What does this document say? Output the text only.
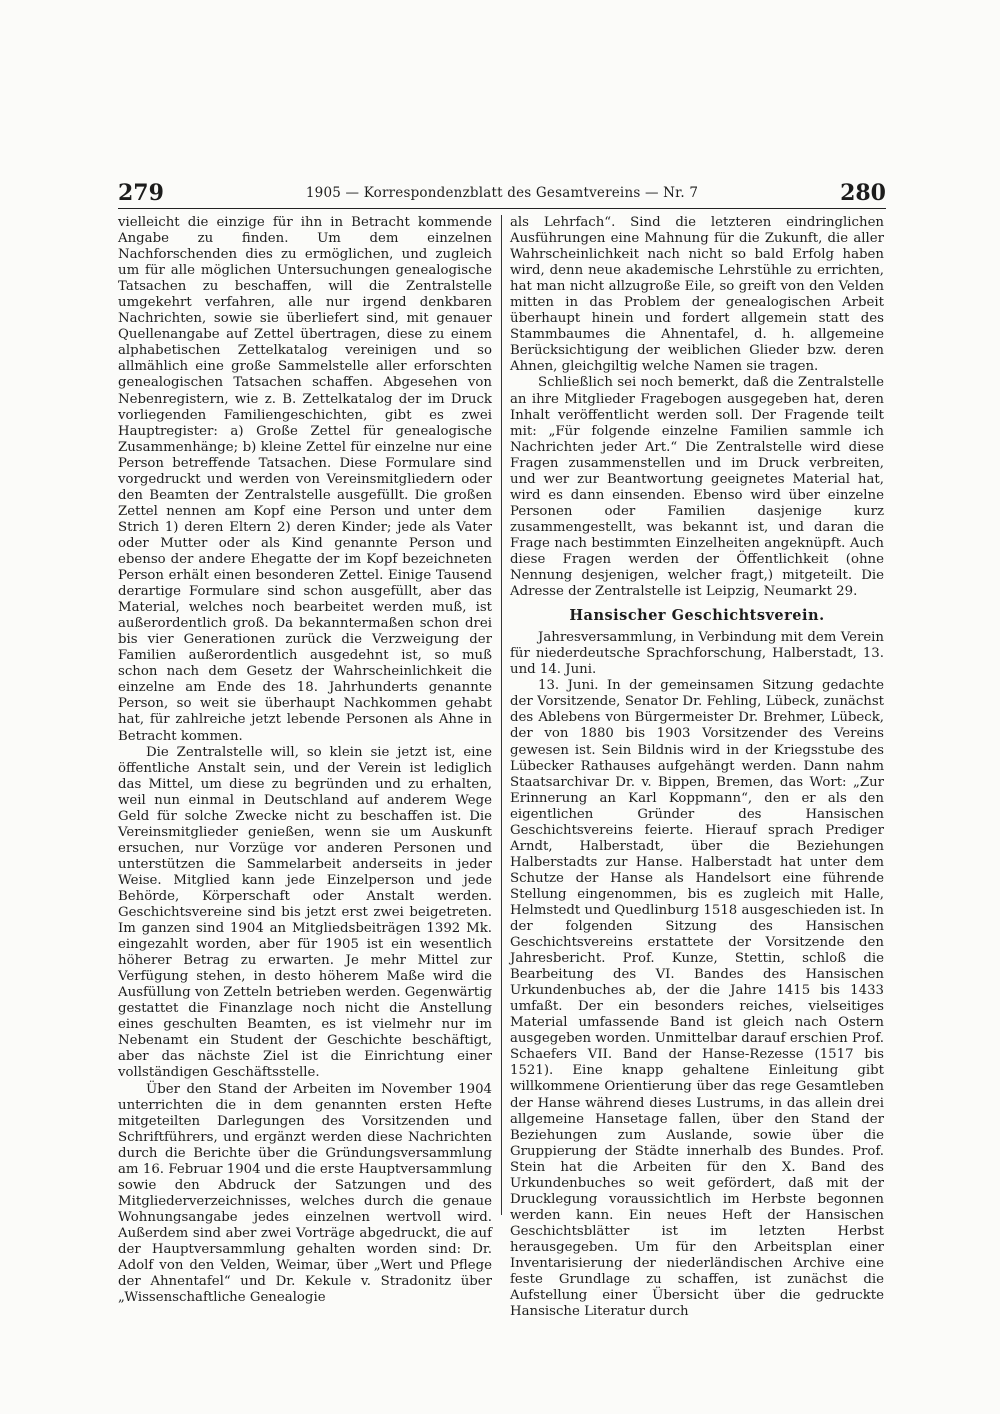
279	1905 — Korrespondenzblatt des Gesamtvereins — Nr. 7	280

vielleicht die einzige für ihn in Betracht kommende Angabe zu finden. Um dem einzelnen Nachforschenden dies zu ermöglichen, und zugleich um für alle möglichen Untersuchungen genealogische Tatsachen zu beschaffen, will die Zentralstelle umgekehrt verfahren, alle nur irgend denkbaren Nachrichten, sowie sie überliefert sind, mit genauer Quellenangabe auf Zettel übertragen, diese zu einem alphabetischen Zettelkatalog vereinigen und so allmählich eine große Sammelstelle aller erforschten genealogischen Tatsachen schaffen. Abgesehen von Nebenregistern, wie z. B. Zettelkatalog der im Druck vorliegenden Familiengeschichten, gibt es zwei Hauptregister: a) Große Zettel für genealogische Zusammenhänge; b) kleine Zettel für einzelne nur eine Person betreffende Tatsachen. Diese Formulare sind vorgedruckt und werden von Vereinsmitgliedern oder den Beamten der Zentralstelle ausgefüllt. Die großen Zettel nennen am Kopf eine Person und unter dem Strich 1) deren Eltern 2) deren Kinder; jede als Vater oder Mutter oder als Kind genannte Person und ebenso der andere Ehegatte der im Kopf bezeichneten Person erhält einen besonderen Zettel. Einige Tausend derartige Formulare sind schon ausgefüllt, aber das Material, welches noch bearbeitet werden muß, ist außerordentlich groß. Da bekanntermaßen schon drei bis vier Generationen zurück die Verzweigung der Familien außerordentlich ausgedehnt ist, so muß schon nach dem Gesetz der Wahrscheinlichkeit die einzelne am Ende des 18. Jahrhunderts genannte Person, so weit sie überhaupt Nachkommen gehabt hat, für zahlreiche jetzt lebende Personen als Ahne in Betracht kommen.

Die Zentralstelle will, so klein sie jetzt ist, eine öffentliche Anstalt sein, und der Verein ist lediglich das Mittel, um diese zu begründen und zu erhalten, weil nun einmal in Deutschland auf anderem Wege Geld für solche Zwecke nicht zu beschaffen ist. Die Vereinsmitglieder genießen, wenn sie um Auskunft ersuchen, nur Vorzüge vor anderen Personen und unterstützen die Sammelarbeit anderseits in jeder Weise. Mitglied kann jede Einzelperson und jede Behörde, Körperschaft oder Anstalt werden. Geschichtsvereine sind bis jetzt erst zwei beigetreten. Im ganzen sind 1904 an Mitgliedsbeiträgen 1392 Mk. eingezahlt worden, aber für 1905 ist ein wesentlich höherer Betrag zu erwarten. Je mehr Mittel zur Verfügung stehen, in desto höherem Maße wird die Ausfüllung von Zetteln betrieben werden. Gegenwärtig gestattet die Finanzlage noch nicht die Anstellung eines geschulten Beamten, es ist vielmehr nur im Nebenamt ein Student der Geschichte beschäftigt, aber das nächste Ziel ist die Einrichtung einer vollständigen Geschäftsstelle.

Über den Stand der Arbeiten im November 1904 unterrichten die in dem genannten ersten Hefte mitgeteilten Darlegungen des Vorsitzenden und Schriftführers, und ergänzt werden diese Nachrichten durch die Berichte über die Gründungsversammlung am 16. Februar 1904 und die erste Hauptversammlung sowie den Abdruck der Satzungen und des Mitgliederverzeichnisses, welches durch die genaue Wohnungsangabe jedes einzelnen wertvoll wird. Außerdem sind aber zwei Vorträge abgedruckt, die auf der Hauptversammlung gehalten worden sind: Dr. Adolf von den Velden, Weimar, über „Wert und Pflege der Ahnentafel“ und Dr. Kekule v. Stradonitz über „Wissenschaftliche Genealogie

als Lehrfach“. Sind die letzteren eindringlichen Ausführungen eine Mahnung für die Zukunft, die aller Wahrscheinlichkeit nach nicht so bald Erfolg haben wird, denn neue akademische Lehrstühle zu errichten, hat man nicht allzugroße Eile, so greift von den Velden mitten in das Problem der genealogischen Arbeit überhaupt hinein und fordert allgemein statt des Stammbaumes die Ahnentafel, d. h. allgemeine Berücksichtigung der weiblichen Glieder bzw. deren Ahnen, gleichgiltig welche Namen sie tragen.

Schließlich sei noch bemerkt, daß die Zentralstelle an ihre Mitglieder Fragebogen ausgegeben hat, deren Inhalt veröffentlicht werden soll. Der Fragende teilt mit: „Für folgende einzelne Familien sammle ich Nachrichten jeder Art.“ Die Zentralstelle wird diese Fragen zusammenstellen und im Druck verbreiten, und wer zur Beantwortung geeignetes Material hat, wird es dann einsenden. Ebenso wird über einzelne Personen oder Familien dasjenige kurz zusammengestellt, was bekannt ist, und daran die Frage nach bestimmten Einzelheiten angeknüpft. Auch diese Fragen werden der Öffentlichkeit (ohne Nennung desjenigen, welcher fragt,) mitgeteilt. Die Adresse der Zentralstelle ist Leipzig, Neumarkt 29.

Hansischer Geschichtsverein.

Jahresversammlung, in Verbindung mit dem Verein für niederdeutsche Sprachforschung, Halberstadt, 13. und 14. Juni.

13. Juni. In der gemeinsamen Sitzung gedachte der Vorsitzende, Senator Dr. Fehling, Lübeck, zunächst des Ablebens von Bürgermeister Dr. Brehmer, Lübeck, der von 1880 bis 1903 Vorsitzender des Vereins gewesen ist. Sein Bildnis wird in der Kriegsstube des Lübecker Rathauses aufgehängt werden. Dann nahm Staatsarchivar Dr. v. Bippen, Bremen, das Wort: „Zur Erinnerung an Karl Koppmann“, den er als den eigentlichen Gründer des Hansischen Geschichtsvereins feierte. Hierauf sprach Prediger Arndt, Halberstadt, über die Beziehungen Halberstadts zur Hanse. Halberstadt hat unter dem Schutze der Hanse als Handelsort eine führende Stellung eingenommen, bis es zugleich mit Halle, Helmstedt und Quedlinburg 1518 ausgeschieden ist. In der folgenden Sitzung des Hansischen Geschichtsvereins erstattete der Vorsitzende den Jahresbericht. Prof. Kunze, Stettin, schloß die Bearbeitung des VI. Bandes des Hansischen Urkundenbuches ab, der die Jahre 1415 bis 1433 umfaßt. Der ein besonders reiches, vielseitiges Material umfassende Band ist gleich nach Ostern ausgegeben worden. Unmittelbar darauf erschien Prof. Schaefers VII. Band der Hanse-Rezesse (1517 bis 1521). Eine knapp gehaltene Einleitung gibt willkommene Orientierung über das rege Gesamtleben der Hanse während dieses Lustrums, in das allein drei allgemeine Hansetage fallen, über den Stand der Beziehungen zum Auslande, sowie über die Gruppierung der Städte innerhalb des Bundes. Prof. Stein hat die Arbeiten für den X. Band des Urkundenbuches so weit gefördert, daß mit der Drucklegung voraussichtlich im Herbste begonnen werden kann. Ein neues Heft der Hansischen Geschichtsblätter ist im letzten Herbst herausgegeben. Um für den Arbeitsplan einer Inventarisierung der niederländischen Archive eine feste Grundlage zu schaffen, ist zunächst die Aufstellung einer Übersicht über die gedruckte Hansische Literatur durch
